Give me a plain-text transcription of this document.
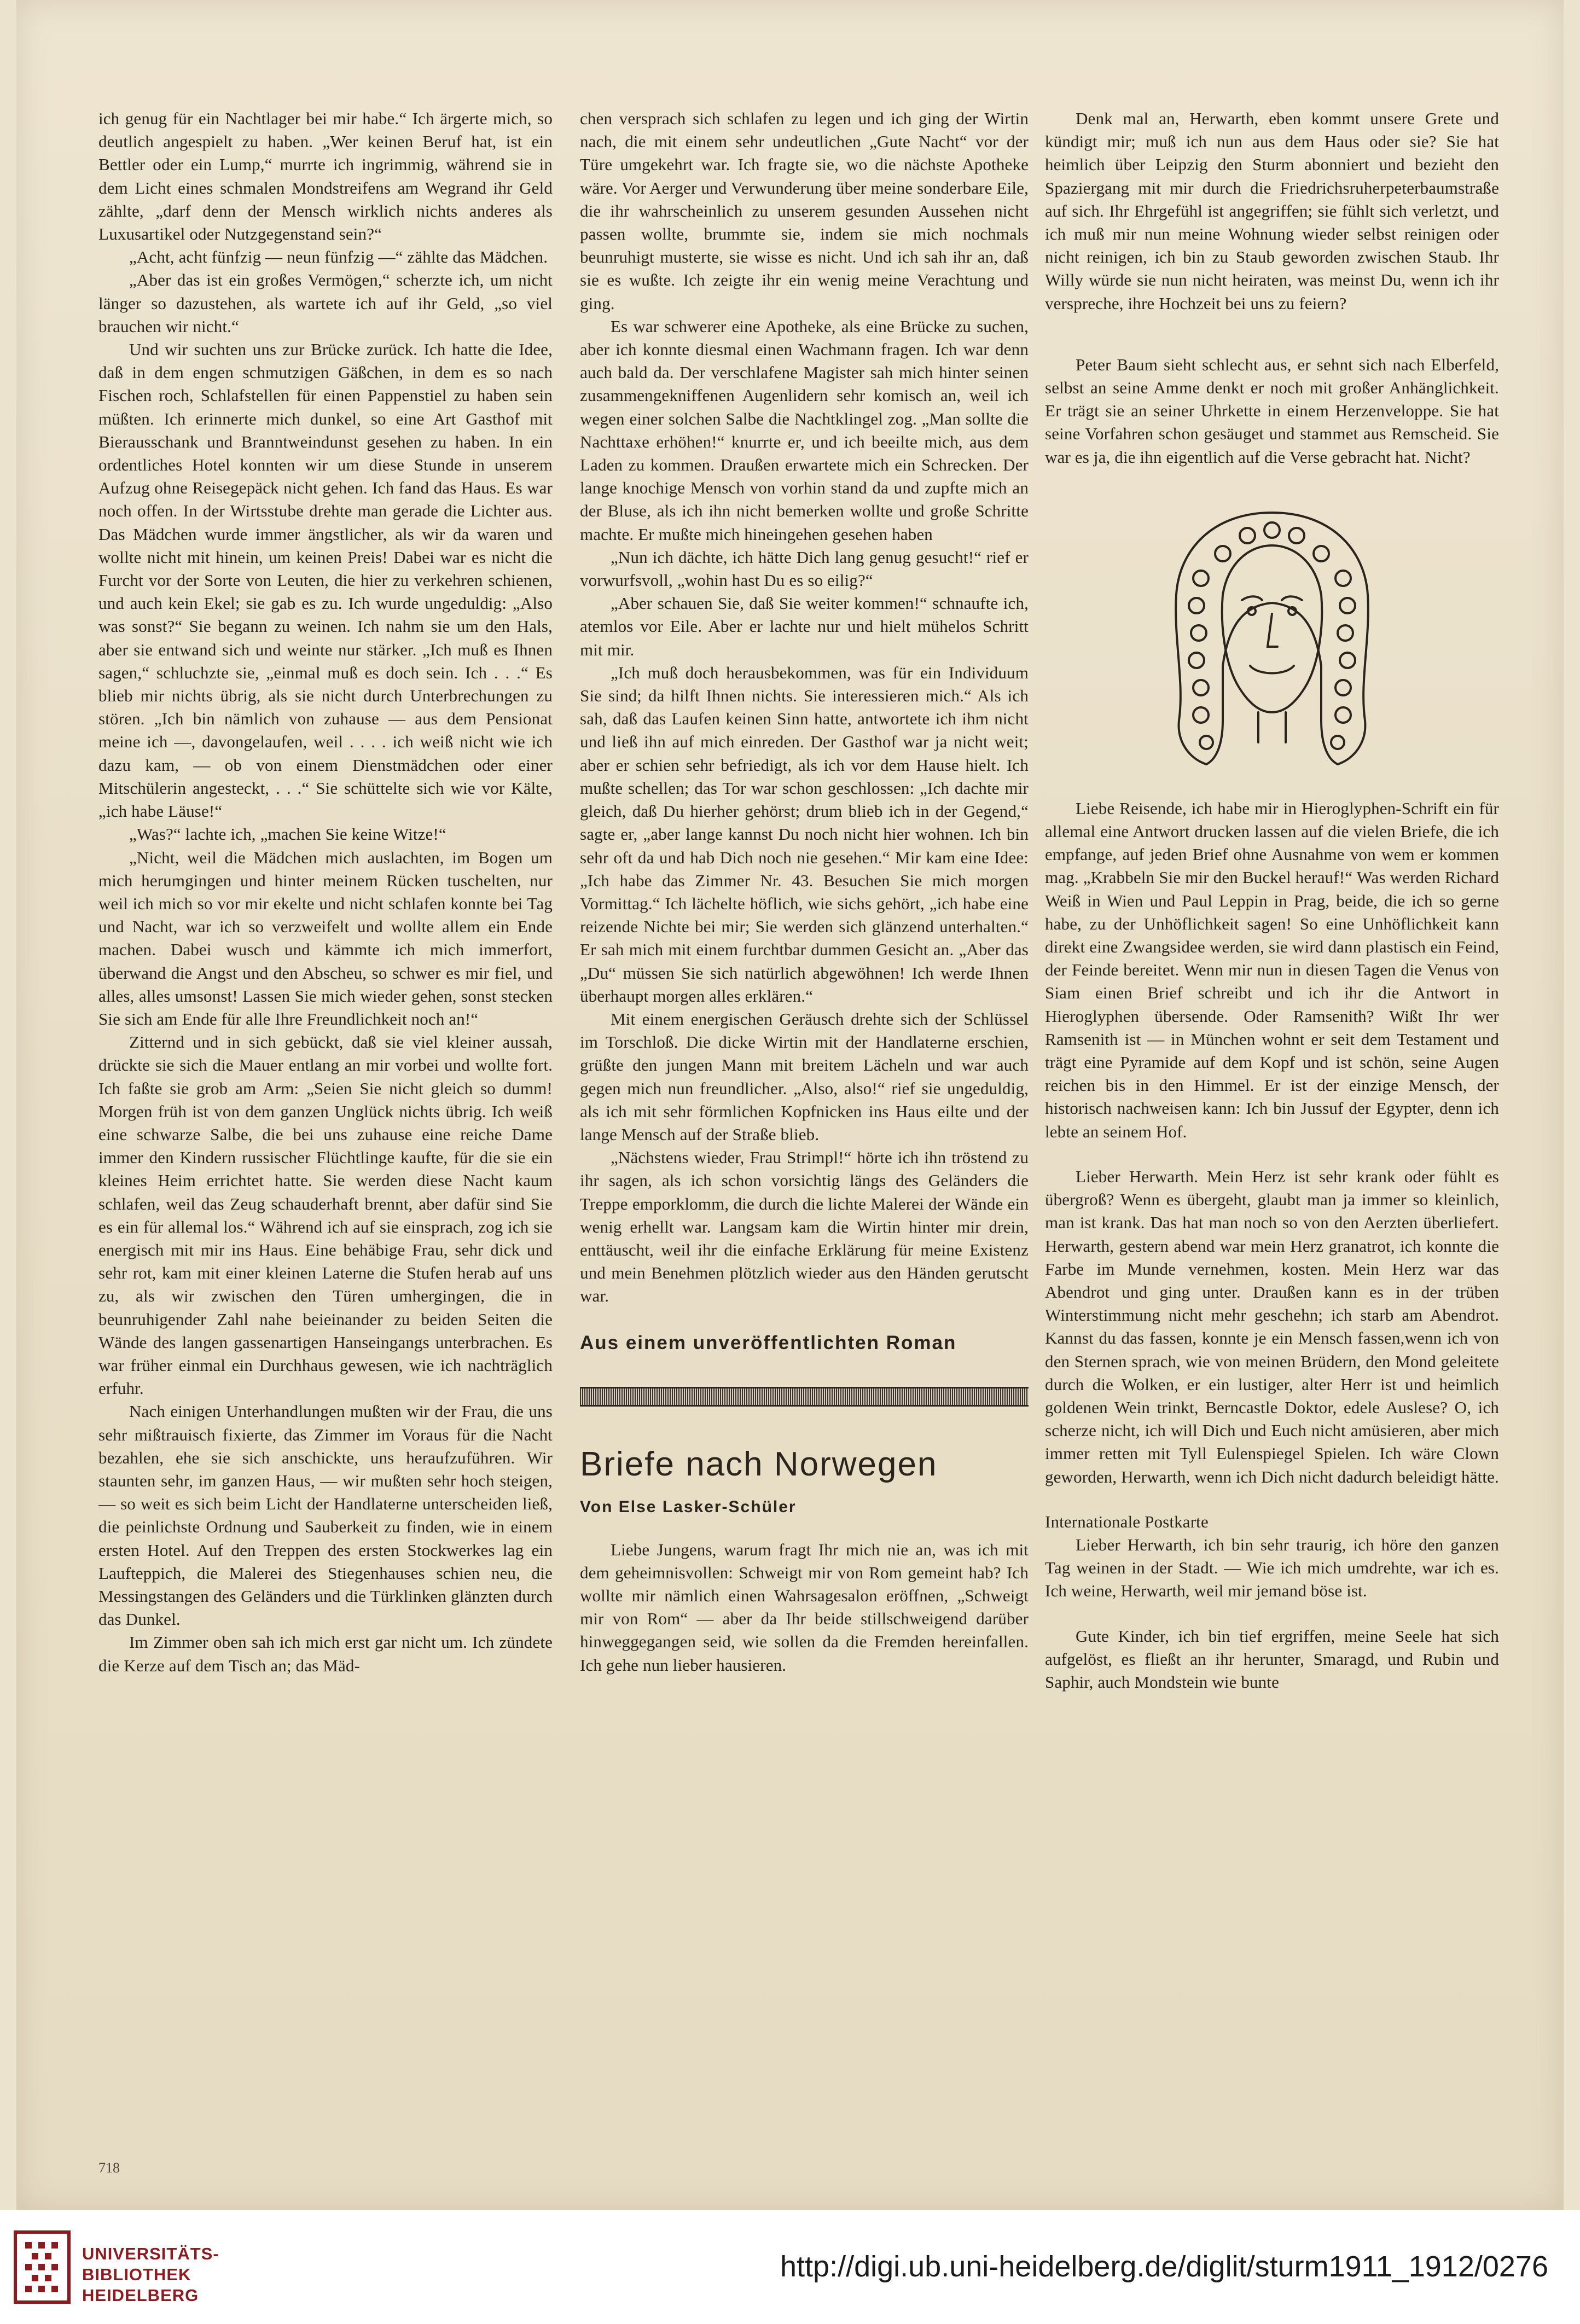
ich genug für ein Nachtlager bei mir habe.“ Ich ärgerte mich, so deutlich angespielt zu haben. „Wer keinen Beruf hat, ist ein Bettler oder ein Lump,“ murrte ich ingrimmig, während sie in dem Licht eines schmalen Mondstreifens am Wegrand ihr Geld zählte, „darf denn der Mensch wirklich nichts anderes als Luxusartikel oder Nutzgegenstand sein?“

„Acht, acht fünfzig — neun fünfzig —“ zählte das Mädchen.

„Aber das ist ein großes Vermögen,“ scherzte ich, um nicht länger so dazustehen, als wartete ich auf ihr Geld, „so viel brauchen wir nicht.“

Und wir suchten uns zur Brücke zurück. Ich hatte die Idee, daß in dem engen schmutzigen Gäßchen, in dem es so nach Fischen roch, Schlafstellen für einen Pappenstiel zu haben sein müßten. Ich erinnerte mich dunkel, so eine Art Gasthof mit Bierausschank und Branntweindunst gesehen zu haben. In ein ordentliches Hotel konnten wir um diese Stunde in unserem Aufzug ohne Reisegepäck nicht gehen. Ich fand das Haus. Es war noch offen. In der Wirtsstube drehte man gerade die Lichter aus. Das Mädchen wurde immer ängstlicher, als wir da waren und wollte nicht mit hinein, um keinen Preis! Dabei war es nicht die Furcht vor der Sorte von Leuten, die hier zu verkehren schienen, und auch kein Ekel; sie gab es zu. Ich wurde ungeduldig: „Also was sonst?“ Sie begann zu weinen. Ich nahm sie um den Hals, aber sie entwand sich und weinte nur stärker. „Ich muß es Ihnen sagen,“ schluchzte sie, „einmal muß es doch sein. Ich . . .“ Es blieb mir nichts übrig, als sie nicht durch Unterbrechungen zu stören. „Ich bin nämlich von zuhause — aus dem Pensionat meine ich —, davongelaufen, weil . . . . ich weiß nicht wie ich dazu kam, — ob von einem Dienstmädchen oder einer Mitschülerin angesteckt, . . .“ Sie schüttelte sich wie vor Kälte, „ich habe Läuse!“

„Was?“ lachte ich, „machen Sie keine Witze!“

„Nicht, weil die Mädchen mich auslachten, im Bogen um mich herumgingen und hinter meinem Rücken tuschelten, nur weil ich mich so vor mir ekelte und nicht schlafen konnte bei Tag und Nacht, war ich so verzweifelt und wollte allem ein Ende machen. Dabei wusch und kämmte ich mich immerfort, überwand die Angst und den Abscheu, so schwer es mir fiel, und alles, alles umsonst! Lassen Sie mich wieder gehen, sonst stecken Sie sich am Ende für alle Ihre Freundlichkeit noch an!“

Zitternd und in sich gebückt, daß sie viel kleiner aussah, drückte sie sich die Mauer entlang an mir vorbei und wollte fort. Ich faßte sie grob am Arm: „Seien Sie nicht gleich so dumm! Morgen früh ist von dem ganzen Unglück nichts übrig. Ich weiß eine schwarze Salbe, die bei uns zuhause eine reiche Dame immer den Kindern russischer Flüchtlinge kaufte, für die sie ein kleines Heim errichtet hatte. Sie werden diese Nacht kaum schlafen, weil das Zeug schauderhaft brennt, aber dafür sind Sie es ein für allemal los.“ Während ich auf sie einsprach, zog ich sie energisch mit mir ins Haus. Eine behäbige Frau, sehr dick und sehr rot, kam mit einer kleinen Laterne die Stufen herab auf uns zu, als wir zwischen den Türen umhergingen, die in beunruhigender Zahl nahe beieinander zu beiden Seiten die Wände des langen gassenartigen Hanseingangs unterbrachen. Es war früher einmal ein Durchhaus gewesen, wie ich nachträglich erfuhr.

Nach einigen Unterhandlungen mußten wir der Frau, die uns sehr mißtrauisch fixierte, das Zimmer im Voraus für die Nacht bezahlen, ehe sie sich anschickte, uns heraufzuführen. Wir staunten sehr, im ganzen Haus, — wir mußten sehr hoch steigen, — so weit es sich beim Licht der Handlaterne unterscheiden ließ, die peinlichste Ordnung und Sauberkeit zu finden, wie in einem ersten Hotel. Auf den Treppen des ersten Stockwerkes lag ein Laufteppich, die Malerei des Stiegenhauses schien neu, die Messingstangen des Geländers und die Türklinken glänzten durch das Dunkel.

Im Zimmer oben sah ich mich erst gar nicht um. Ich zündete die Kerze auf dem Tisch an; das Mäd-

chen versprach sich schlafen zu legen und ich ging der Wirtin nach, die mit einem sehr undeutlichen „Gute Nacht“ vor der Türe umgekehrt war. Ich fragte sie, wo die nächste Apotheke wäre. Vor Aerger und Verwunderung über meine sonderbare Eile, die ihr wahrscheinlich zu unserem gesunden Aussehen nicht passen wollte, brummte sie, indem sie mich nochmals beunruhigt musterte, sie wisse es nicht. Und ich sah ihr an, daß sie es wußte. Ich zeigte ihr ein wenig meine Verachtung und ging.

Es war schwerer eine Apotheke, als eine Brücke zu suchen, aber ich konnte diesmal einen Wachmann fragen. Ich war denn auch bald da. Der verschlafene Magister sah mich hinter seinen zusammengekniffenen Augenlidern sehr komisch an, weil ich wegen einer solchen Salbe die Nachtklingel zog. „Man sollte die Nachttaxe erhöhen!“ knurrte er, und ich beeilte mich, aus dem Laden zu kommen. Draußen erwartete mich ein Schrecken. Der lange knochige Mensch von vorhin stand da und zupfte mich an der Bluse, als ich ihn nicht bemerken wollte und große Schritte machte. Er mußte mich hineingehen gesehen haben

„Nun ich dächte, ich hätte Dich lang genug gesucht!“ rief er vorwurfsvoll, „wohin hast Du es so eilig?“

„Aber schauen Sie, daß Sie weiter kommen!“ schnaufte ich, atemlos vor Eile. Aber er lachte nur und hielt mühelos Schritt mit mir.

„Ich muß doch herausbekommen, was für ein Individuum Sie sind; da hilft Ihnen nichts. Sie interessieren mich.“ Als ich sah, daß das Laufen keinen Sinn hatte, antwortete ich ihm nicht und ließ ihn auf mich einreden. Der Gasthof war ja nicht weit; aber er schien sehr befriedigt, als ich vor dem Hause hielt. Ich mußte schellen; das Tor war schon geschlossen: „Ich dachte mir gleich, daß Du hierher gehörst; drum blieb ich in der Gegend,“ sagte er, „aber lange kannst Du noch nicht hier wohnen. Ich bin sehr oft da und hab Dich noch nie gesehen.“ Mir kam eine Idee: „Ich habe das Zimmer Nr. 43. Besuchen Sie mich morgen Vormittag.“ Ich lächelte höflich, wie sichs gehört, „ich habe eine reizende Nichte bei mir; Sie werden sich glänzend unterhalten.“ Er sah mich mit einem furchtbar dummen Gesicht an. „Aber das „Du“ müssen Sie sich natürlich abgewöhnen! Ich werde Ihnen überhaupt morgen alles erklären.“

Mit einem energischen Geräusch drehte sich der Schlüssel im Torschloß. Die dicke Wirtin mit der Handlaterne erschien, grüßte den jungen Mann mit breitem Lächeln und war auch gegen mich nun freundlicher. „Also, also!“ rief sie ungeduldig, als ich mit sehr förmlichen Kopfnicken ins Haus eilte und der lange Mensch auf der Straße blieb.

„Nächstens wieder, Frau Strimpl!“ hörte ich ihn tröstend zu ihr sagen, als ich schon vorsichtig längs des Geländers die Treppe emporklomm, die durch die lichte Malerei der Wände ein wenig erhellt war. Langsam kam die Wirtin hinter mir drein, enttäuscht, weil ihr die einfache Erklärung für meine Existenz und mein Benehmen plötzlich wieder aus den Händen gerutscht war.

Aus einem unveröffentlichten Roman
Briefe nach Norwegen
Von Else Lasker-Schüler

Liebe Jungens, warum fragt Ihr mich nie an, was ich mit dem geheimnisvollen: Schweigt mir von Rom gemeint hab? Ich wollte mir nämlich einen Wahrsagesalon eröffnen, „Schweigt mir von Rom“ — aber da Ihr beide stillschweigend darüber hinweggegangen seid, wie sollen da die Fremden hereinfallen. Ich gehe nun lieber hausieren.

Denk mal an, Herwarth, eben kommt unsere Grete und kündigt mir; muß ich nun aus dem Haus oder sie? Sie hat heimlich über Leipzig den Sturm abonniert und bezieht den Spaziergang mit mir durch die Friedrichsruherpeterbaumstraße auf sich. Ihr Ehrgefühl ist angegriffen; sie fühlt sich verletzt, und ich muß mir nun meine Wohnung wieder selbst reinigen oder nicht reinigen, ich bin zu Staub geworden zwischen Staub. Ihr Willy würde sie nun nicht heiraten, was meinst Du, wenn ich ihr verspreche, ihre Hochzeit bei uns zu feiern?

Peter Baum sieht schlecht aus, er sehnt sich nach Elberfeld, selbst an seine Amme denkt er noch mit großer Anhänglichkeit. Er trägt sie an seiner Uhrkette in einem Herzenveloppe. Sie hat seine Vorfahren schon gesäuget und stammet aus Remscheid. Sie war es ja, die ihn eigentlich auf die Verse gebracht hat. Nicht?

Liebe Reisende, ich habe mir in Hieroglyphen-Schrift ein für allemal eine Antwort drucken lassen auf die vielen Briefe, die ich empfange, auf jeden Brief ohne Ausnahme von wem er kommen mag. „Krabbeln Sie mir den Buckel herauf!“ Was werden Richard Weiß in Wien und Paul Leppin in Prag, beide, die ich so gerne habe, zu der Unhöflichkeit sagen! So eine Unhöflichkeit kann direkt eine Zwangsidee werden, sie wird dann plastisch ein Feind, der Feinde bereitet. Wenn mir nun in diesen Tagen die Venus von Siam einen Brief schreibt und ich ihr die Antwort in Hieroglyphen übersende. Oder Ramsenith? Wißt Ihr wer Ramsenith ist — in München wohnt er seit dem Testament und trägt eine Pyramide auf dem Kopf und ist schön, seine Augen reichen bis in den Himmel. Er ist der einzige Mensch, der historisch nachweisen kann: Ich bin Jussuf der Egypter, denn ich lebte an seinem Hof.

Lieber Herwarth. Mein Herz ist sehr krank oder fühlt es übergroß? Wenn es übergeht, glaubt man ja immer so kleinlich, man ist krank. Das hat man noch so von den Aerzten überliefert. Herwarth, gestern abend war mein Herz granatrot, ich konnte die Farbe im Munde vernehmen, kosten. Mein Herz war das Abendrot und ging unter. Draußen kann es in der trüben Winterstimmung nicht mehr geschehn; ich starb am Abendrot. Kannst du das fassen, konnte je ein Mensch fassen,wenn ich von den Sternen sprach, wie von meinen Brüdern, den Mond geleitete durch die Wolken, er ein lustiger, alter Herr ist und heimlich goldenen Wein trinkt, Berncastle Doktor, edele Auslese? O, ich scherze nicht, ich will Dich und Euch nicht amüsieren, aber mich immer retten mit Tyll Eulenspiegel Spielen. Ich wäre Clown geworden, Herwarth, wenn ich Dich nicht dadurch beleidigt hätte.

Internationale Postkarte

Lieber Herwarth, ich bin sehr traurig, ich höre den ganzen Tag weinen in der Stadt. — Wie ich mich umdrehte, war ich es. Ich weine, Herwarth, weil mir jemand böse ist.

Gute Kinder, ich bin tief ergriffen, meine Seele hat sich aufgelöst, es fließt an ihr herunter, Smaragd, und Rubin und Saphir, auch Mondstein wie bunte

718
UNIVERSITÄTS-
BIBLIOTHEK
HEIDELBERG
http://digi.ub.uni-heidelberg.de/diglit/sturm1911_1912/0276
